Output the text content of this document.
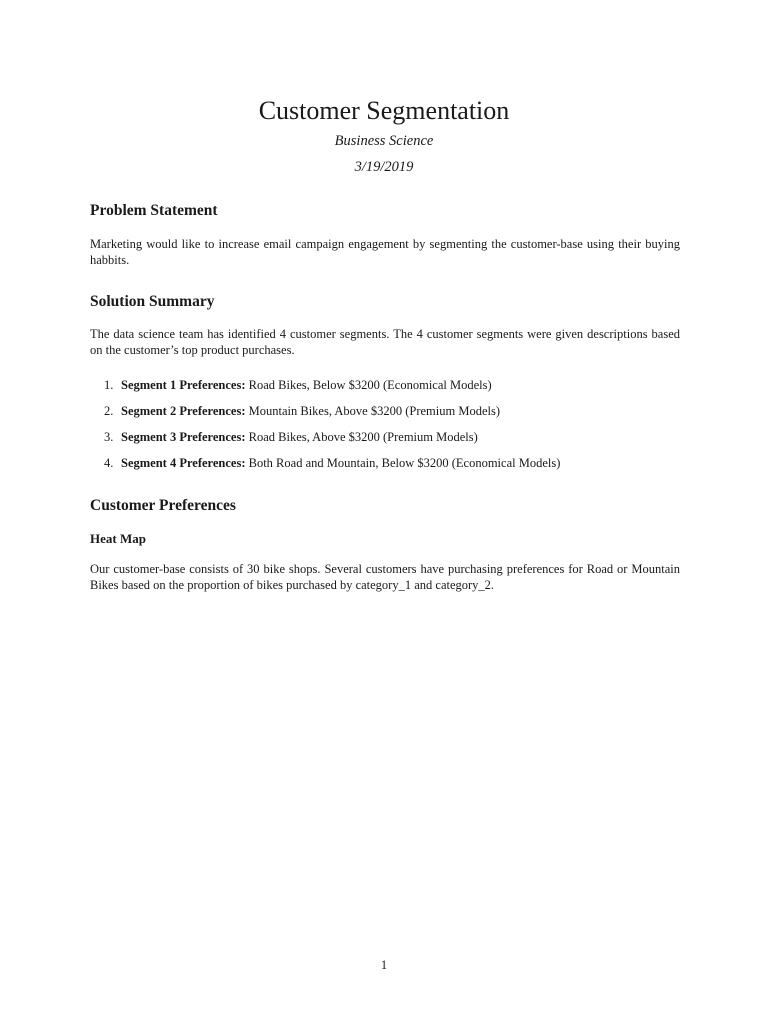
Customer Segmentation
Business Science
3/19/2019
Problem Statement

Marketing would like to increase email campaign engagement by segmenting the customer-base using their buying habbits.

Solution Summary

The data science team has identified 4 customer segments. The 4 customer segments were given descriptions based on the customer’s top product purchases.

1. Segment 1 Preferences: Road Bikes, Below $3200 (Economical Models)
2. Segment 2 Preferences: Mountain Bikes, Above $3200 (Premium Models)
3. Segment 3 Preferences: Road Bikes, Above $3200 (Premium Models)
4. Segment 4 Preferences: Both Road and Mountain, Below $3200 (Economical Models)
Customer Preferences
Heat Map

Our customer-base consists of 30 bike shops. Several customers have purchasing preferences for Road or Mountain Bikes based on the proportion of bikes purchased by category_1 and category_2.

1
